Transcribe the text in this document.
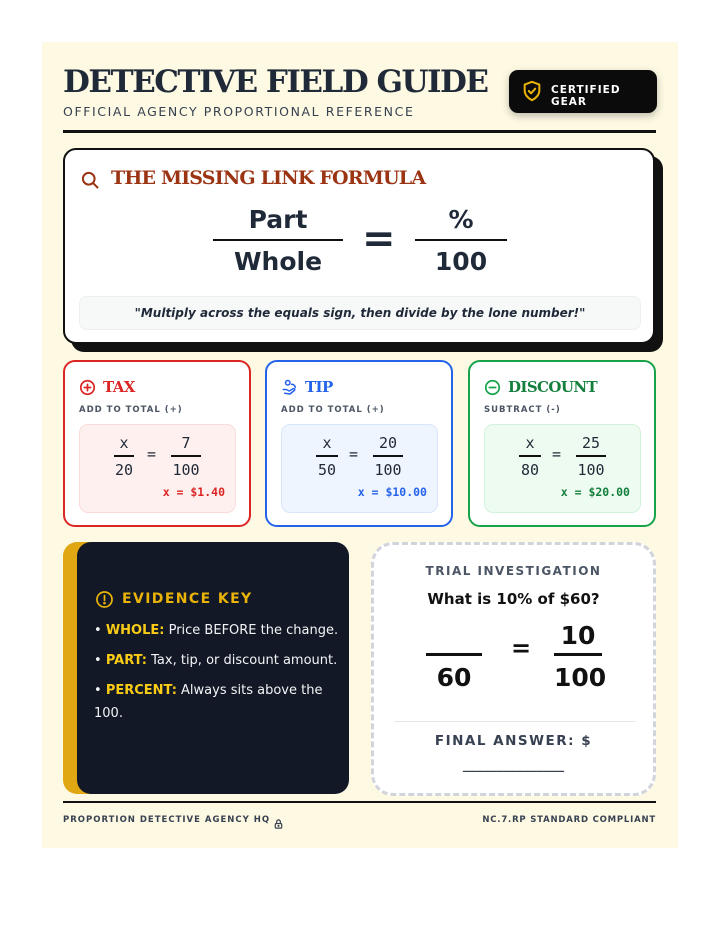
DETECTIVE FIELD GUIDE
OFFICIAL AGENCY PROPORTIONAL REFERENCE
CERTIFIED GEAR
THE MISSING LINK FORMULA
Part
Whole =	%
100
"Multiply across the equals sign, then divide by the lone number!"
TAX
ADD TO TOTAL (+)
x
20
=
7
100
x = $1.40
TIP
ADD TO TOTAL (+)
x
50
=
20
100
x = $10.00
DISCOUNT
SUBTRACT (-)
x
80
=
25
100
x = $20.00
EVIDENCE KEY
• WHOLE: Price BEFORE the change.
• PART: Tax, tip, or discount amount.
• PERCENT: Always sits above the 100.
TRIAL INVESTIGATION
What is 10% of $60?
60
= 10
100
FINAL ANSWER: $
_______________
PROPORTION DETECTIVE AGENCY HQ	NC.7.RP STANDARD COMPLIANT
